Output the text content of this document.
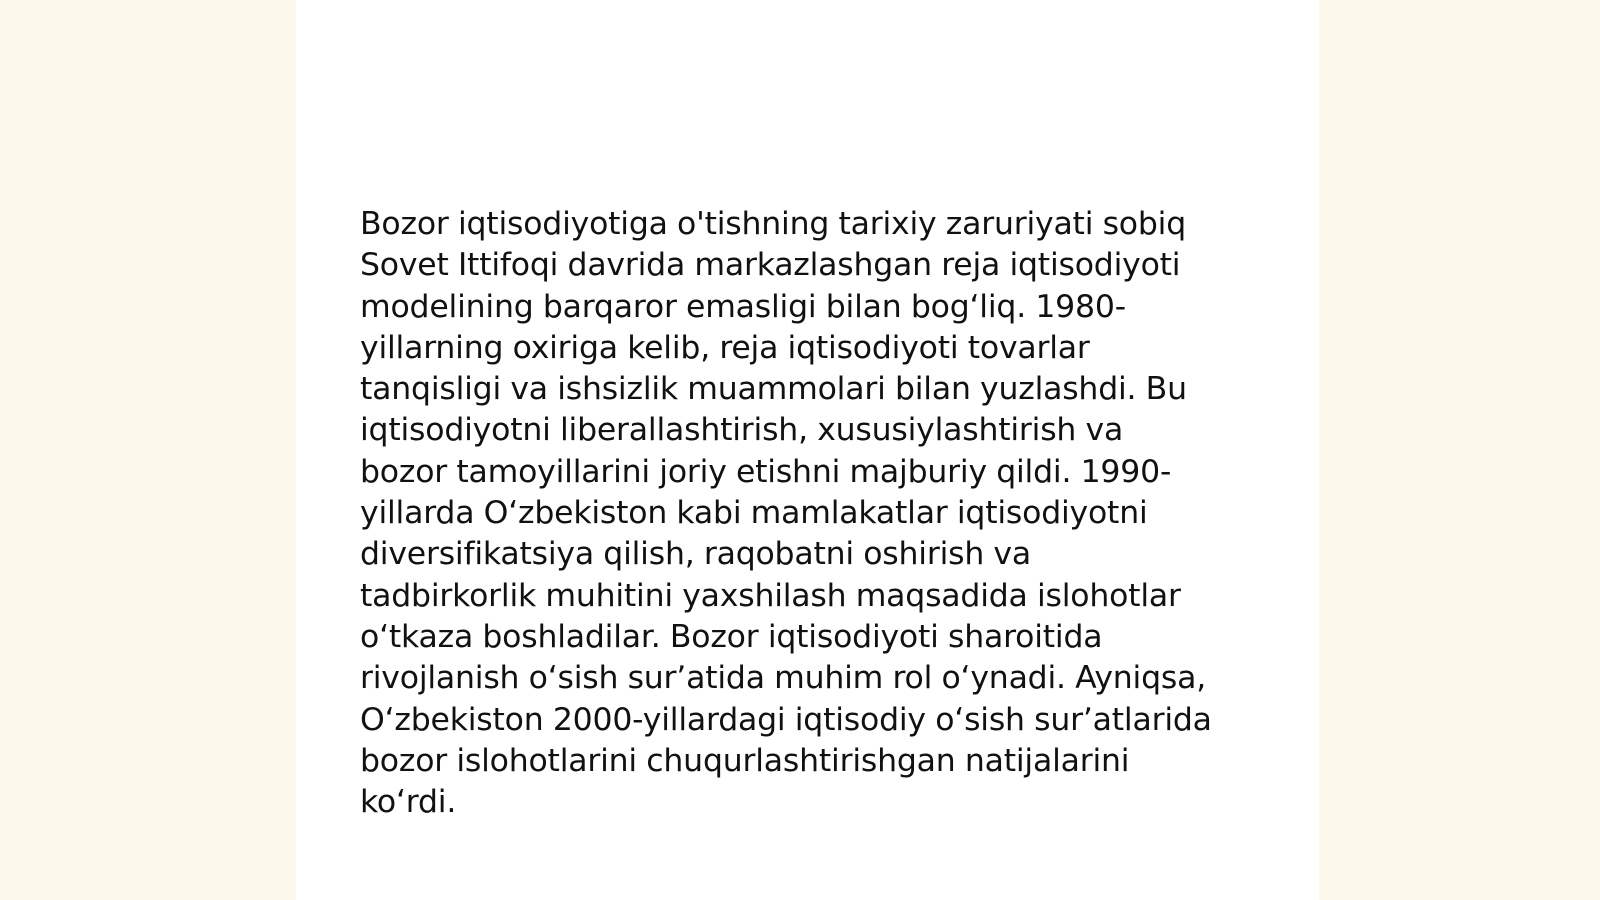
Bozor iqtisodiyotiga o'tishning tarixiy zaruriyati sobiq
Sovet Ittifoqi davrida markazlashgan reja iqtisodiyoti
modelining barqaror emasligi bilan bogʻliq. 1980-
yillarning oxiriga kelib, reja iqtisodiyoti tovarlar
tanqisligi va ishsizlik muammolari bilan yuzlashdi. Bu
iqtisodiyotni liberallashtirish, xususiylashtirish va
bozor tamoyillarini joriy etishni majburiy qildi. 1990-
yillarda Oʻzbekiston kabi mamlakatlar iqtisodiyotni
diversifikatsiya qilish, raqobatni oshirish va
tadbirkorlik muhitini yaxshilash maqsadida islohotlar
oʻtkaza boshladilar. Bozor iqtisodiyoti sharoitida
rivojlanish oʻsish surʼatida muhim rol oʻynadi. Ayniqsa,
Oʻzbekiston 2000-yillardagi iqtisodiy oʻsish surʼatlarida
bozor islohotlarini chuqurlashtirishgan natijalarini
koʻrdi.
